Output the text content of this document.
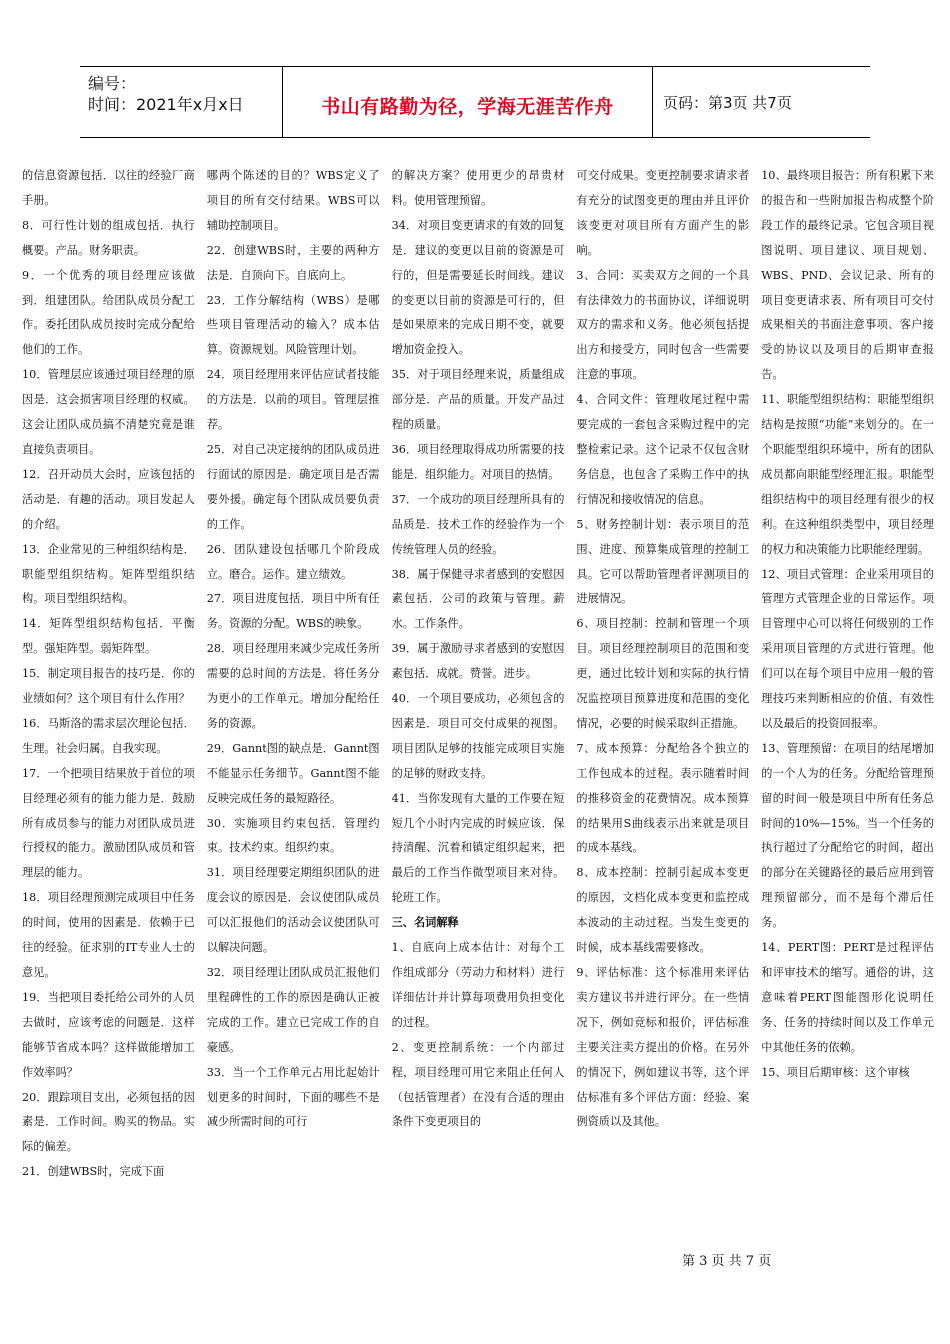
编号：
时间：2021年x月x日	书山有路勤为径，学海无涯苦作舟	页码：第3页 共7页

的信息资源包括．以往的经验厂商手册。

8．可行性计划的组成包括．执行概要。产品。财务职责。

9．一个优秀的项目经理应该做到．组建团队。给团队成员分配工作。委托团队成员按时完成分配给他们的工作。

10．管理层应该通过项目经理的原因是．这会损害项目经理的权威。这会让团队成员搞不清楚究竟是谁直接负责项目。

12．召开动员大会时，应该包括的活动是．有趣的活动。项目发起人的介绍。

13．企业常见的三种组织结构是．职能型组织结构。矩阵型组织结构。项目型组织结构。

14．矩阵型组织结构包括．平衡型。强矩阵型。弱矩阵型。

15．制定项目报告的技巧是．你的业绩如何？这个项目有什么作用？

16．马斯洛的需求层次理论包括．生理。社会归属。自我实现。

17．一个把项目结果放于首位的项目经理必须有的能力能力是．鼓励所有成员参与的能力对团队成员进行授权的能力。激励团队成员和管理层的能力。

18．项目经理预测完成项目中任务的时间，使用的因素是．依赖于已往的经验。征求别的IT专业人士的意见。

19．当把项目委托给公司外的人员去做时，应该考虑的问题是．这样能够节省成本吗？这样做能增加工作效率吗？

20．跟踪项目支出，必须包括的因素是．工作时间。购买的物品。实际的偏差。

21．创建WBS时，完成下面

哪两个陈述的目的？WBS定义了项目的所有交付结果。WBS可以辅助控制项目。

22．创建WBS时，主要的两种方法是．自顶向下。自底向上。

23．工作分解结构（WBS）是哪些项目管理活动的输入？成本估算。资源规划。风险管理计划。

24．项目经理用来评估应试者技能的方法是．以前的项目。管理层推荐。

25．对自己决定接纳的团队成员进行面试的原因是．确定项目是否需要外援。确定每个团队成员要负责的工作。

26．团队建设包括哪几个阶段成立。磨合。运作。建立绩效。

27．项目进度包括．项目中所有任务。资源的分配。WBS的映象。

28．项目经理用来减少完成任务所需要的总时间的方法是．将任务分为更小的工作单元。增加分配给任务的资源。

29．Gannt图的缺点是．Gannt图不能显示任务细节。Gannt图不能反映完成任务的最短路径。

30．实施项目约束包括．管理约束。技术约束。组织约束。

31．项目经理要定期组织团队的进度会议的原因是．会议使团队成员可以汇报他们的活动会议使团队可以解决问题。

32．项目经理让团队成员汇报他们里程碑性的工作的原因是确认正被完成的工作。建立已完成工作的自豪感。

33．当一个工作单元占用比起始计划更多的时间时，下面的哪些不是减少所需时间的可行

的解决方案？使用更少的昂贵材料。使用管理预留。

34．对项目变更请求的有效的回复是．建议的变更以目前的资源是可行的，但是需要延长时间线。建议的变更以目前的资源是可行的，但是如果原来的完成日期不变，就要增加资金投入。

35．对于项目经理来说，质量组成部分是．产品的质量。开发产品过程的质量。

36．项目经理取得成功所需要的技能是．组织能力。对项目的热情。

37．一个成功的项目经理所具有的品质是．技术工作的经验作为一个传统管理人员的经验。

38．属于保健寻求者感到的安慰因素包括．公司的政策与管理。薪水。工作条件。

39．属于激励寻求者感到的安慰因素包括．成就。赞誉。进步。

40．一个项目要成功，必须包含的因素是．项目可交付成果的视图。项目团队足够的技能完成项目实施的足够的财政支持。

41．当你发现有大量的工作要在短短几个小时内完成的时候应该．保持清醒、沉着和镇定组织起来，把最后的工作当作微型项目来对待。轮班工作。

三、名词解释

1、自底向上成本估计：对每个工作组成部分（劳动力和材料）进行详细估计并计算每项费用负担变化的过程。

2、变更控制系统：一个内部过程，项目经理可用它来阻止任何人（包括管理者）在没有合适的理由条件下变更项目的

可交付成果。变更控制要求请求者有充分的试图变更的理由并且评价该变更对项目所有方面产生的影响。

3、合同：买卖双方之间的一个具有法律效力的书面协议，详细说明双方的需求和义务。他必须包括提出方和接受方，同时包含一些需要注意的事项。

4、合同文件：管理收尾过程中需要完成的一套包含采购过程中的完整检索记录。这个记录不仅包含财务信息，也包含了采购工作中的执行情况和接收情况的信息。

5、财务控制计划：表示项目的范围、进度、预算集成管理的控制工具。它可以帮助管理者评测项目的进展情况。

6、项目控制：控制和管理一个项目。项目经理控制项目的范围和变更，通过比较计划和实际的执行情况监控项目预算进度和范围的变化情况，必要的时候采取纠正措施。

7、成本预算：分配给各个独立的工作包成本的过程。表示随着时间的推移资金的花费情况。成本预算的结果用S曲线表示出来就是项目的成本基线。

8、成本控制：控制引起成本变更的原因，文档化成本变更和监控成本波动的主动过程。当发生变更的时候，成本基线需要修改。

9、评估标准：这个标准用来评估卖方建议书并进行评分。在一些情况下，例如竞标和报价，评估标准主要关注卖方提出的价格。在另外的情况下，例如建议书等，这个评估标准有多个评估方面：经验、案例资质以及其他。

10、最终项目报告：所有积累下来的报告和一些附加报告构成整个阶段工作的最终记录。它包含项目视图说明、项目建议、项目规划、WBS、PND、会议记录、所有的项目变更请求表、所有项目可交付成果相关的书面注意事项、客户接受的协议以及项目的后期审查报告。

11、职能型组织结构：职能型组织结构是按照“功能”来划分的。在一个职能型组织环境中，所有的团队成员都向职能型经理汇报。职能型组织结构中的项目经理有很少的权利。在这种组织类型中，项目经理的权力和决策能力比职能经理弱。

12、项目式管理：企业采用项目的管理方式管理企业的日常运作。项目管理中心可以将任何级别的工作采用项目管理的方式进行管理。他们可以在每个项目中应用一般的管理技巧来判断相应的价值、有效性以及最后的投资回报率。

13、管理预留：在项目的结尾增加的一个人为的任务。分配给管理预留的时间一般是项目中所有任务总时间的10%—15%。当一个任务的执行超过了分配给它的时间，超出的部分在关键路径的最后应用到管理预留部分，而不是每个滞后任务。

14、PERT图：PERT是过程评估和评审技术的缩写。通俗的讲，这意味着PERT图能图形化说明任务、任务的持续时间以及工作单元中其他任务的依赖。

15、项目后期审核：这个审核

第 3 页 共 7 页
